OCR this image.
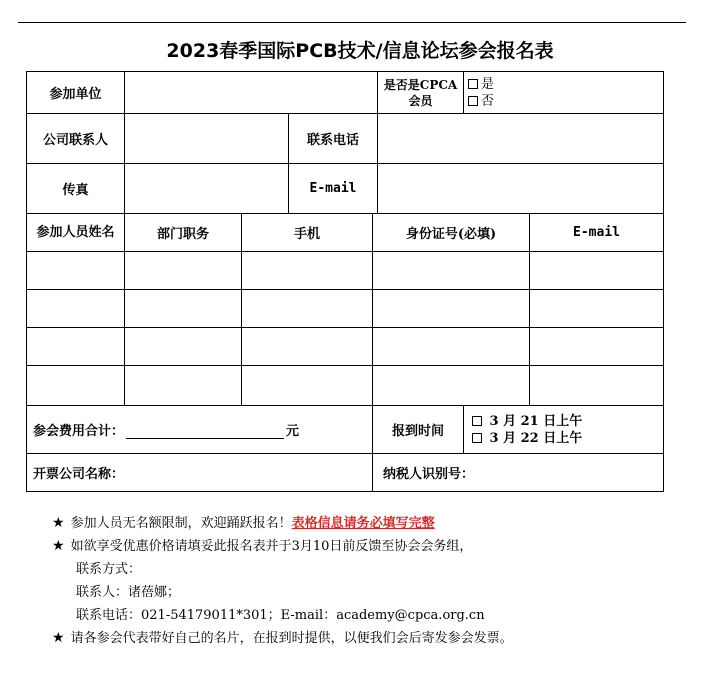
2023春季国际PCB技术/信息论坛参会报名表
参加单位					是否是CPCA会员	是
否	

公司联系人			联系电话				
传真			E-mail				
参加人员姓名	部门职务	手机		身份证号(必填)			E-mail

参会费用合计： 元				报到时间		3 月 21 日上午
3 月 22 日上午	

开票公司名称：				纳税人识别号：			
★ 参加人员无名额限制，欢迎踊跃报名！表格信息请务必填写完整
★ 如欲享受优惠价格请填妥此报名表并于3月10日前反馈至协会会务组，
联系方式：
联系人：诸蓓娜；
联系电话：021-54179011*301；E-mail：academy@cpca.org.cn
★ 请各参会代表带好自己的名片，在报到时提供，以便我们会后寄发参会发票。
